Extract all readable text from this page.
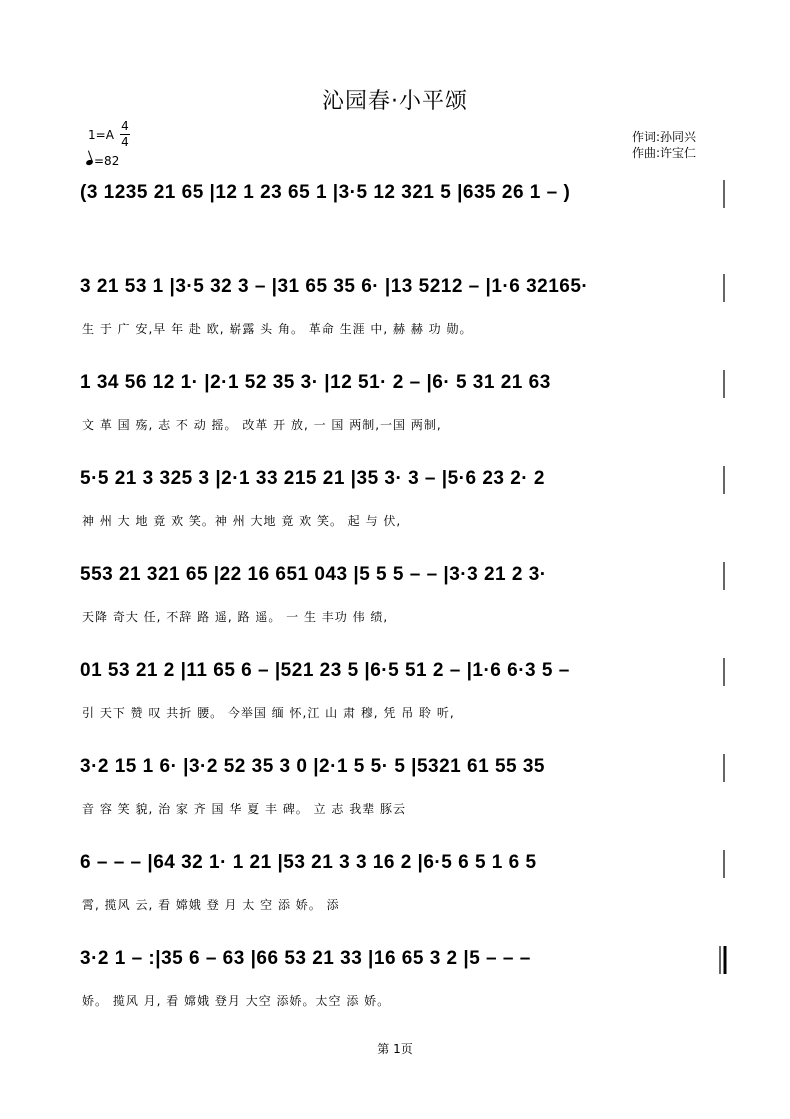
沁园春·小平颂
1=A
4
4
=82
作词:孙同兴
作曲:许宝仁
(3 1235 21 65 |12 1 23 65 1 |3·5 12 321 5 |635 26 1 – )
3 21 53 1 |3·5 32 3 – |31 65 35 6· |13 5212 – |1·6 32165·
生 于 广 安,早 年 赴 欧, 崭露 头 角。 革命 生涯 中, 赫 赫 功 勋。
1 34 56 12 1· |2·1 52 35 3· |12 51· 2 – |6· 5 31 21 63
文 革 国 殇, 志 不 动 摇。 改革 开 放, 一 国 两制,一国 两制,
5·5 21 3 325 3 |2·1 33 215 21 |35 3· 3 – |5·6 23 2· 2
神 州 大 地 竟 欢 笑。神 州 大地 竟 欢 笑。 起 与 伏,
553 21 321 65 |22 16 651 043 |5 5 5 – – |3·3 21 2 3·
天降 奇大 任, 不辞 路 遥, 路 遥。 一 生 丰功 伟 绩,
01 53 21 2 |11 65 6 – |521 23 5 |6·5 51 2 – |1·6 6·3 5 –
引 天下 赞 叹 共折 腰。 今举国 缅 怀,江 山 肃 穆, 凭 吊 聆 听,
3·2 15 1 6· |3·2 52 35 3 0 |2·1 5 5· 5 |5321 61 55 35
音 容 笑 貌, 治 家 齐 国 华 夏 丰 碑。 立 志 我辈 豚云
6 – – – |64 32 1· 1 21 |53 21 3 3 16 2 |6·5 6 5 1 6 5
霄, 揽风 云, 看 嫦娥 登 月 太 空 添 娇。 添
3·2 1 – :|35 6 – 63 |66 53 21 33 |16 65 3 2 |5 – – –
娇。 揽风 月, 看 嫦娥 登月 大空 添娇。太空 添 娇。
第 1页
